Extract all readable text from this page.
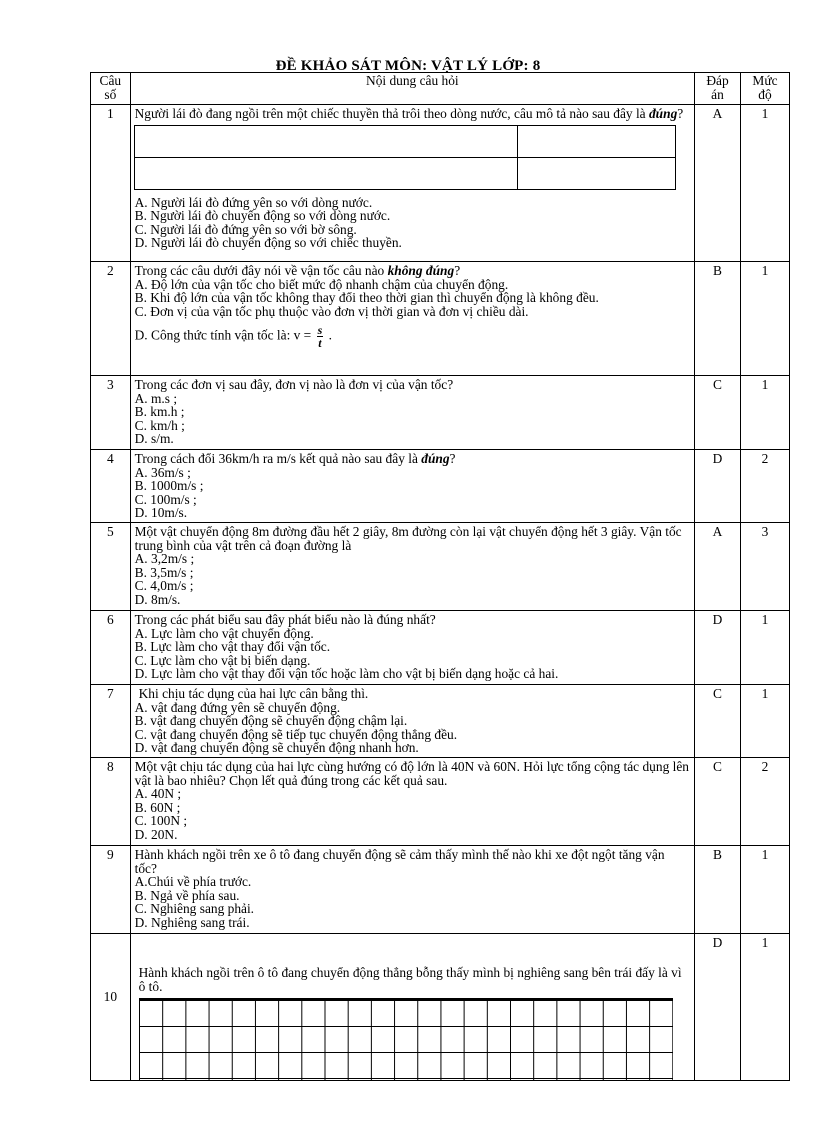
ĐỀ KHẢO SÁT MÔN: VẬT LÝ LỚP: 8
Câu số	Nội dung câu hỏi	Đáp án	Mức độ
1	Người lái đò đang ngồi trên một chiếc thuyền thả trôi theo dòng nước, câu mô tả nào sau đây là đúng?

A. Người lái đò đứng yên so với dòng nước.

B. Người lái đò chuyển động so với dòng nước.

C. Người lái đò đứng yên so với bờ sông.

D. Người lái đò chuyển động so với chiếc thuyền.

	A	1
2	Trong các câu dưới đây nói về vận tốc câu nào không đúng?

A. Độ lớn của vận tốc cho biết mức độ nhanh chậm của chuyển động.

B. Khi độ lớn của vận tốc không thay đổi theo thời gian thì chuyển động là không đều.

C. Đơn vị của vận tốc phụ thuộc vào đơn vị thời gian và đơn vị chiều dài.

D. Công thức tính vận tốc là: $v = \frac{s}{t}$ .

	B	1
3	Trong các đơn vị sau đây, đơn vị nào là đơn vị của vận tốc?

A. m.s ;

B. km.h ;

C. km/h ;

D. s/m.

	C	1
4	Trong cách đổi 36km/h ra m/s kết quả nào sau đây là đúng?

A. 36m/s ;

B. 1000m/s ;

C. 100m/s ;

D. 10m/s.

	D	2
5	Một vật chuyển động 8m đường đầu hết 2 giây, 8m đường còn lại vật chuyển động hết 3 giây. Vận tốc trung bình của vật trên cả đoạn đường là

A. 3,2m/s ;

B. 3,5m/s ;

C. 4,0m/s ;

D. 8m/s.

	A	3
6	Trong các phát biểu sau đây phát biểu nào là đúng nhất?

A. Lực làm cho vật chuyển động.

B. Lực làm cho vật thay đổi vận tốc.

C. Lực làm cho vật bị biến dạng.

D. Lực làm cho vật thay đổi vận tốc hoặc làm cho vật bị biến dạng hoặc cả hai.

	D	1
7	Khi chịu tác dụng của hai lực cân bằng thì.

A. vật đang đứng yên sẽ chuyển động.

B. vật đang chuyển động sẽ chuyển động chậm lại.

C. vật đang chuyển động sẽ tiếp tục chuyển động thẳng đều.

D. vật đang chuyển động sẽ chuyển động nhanh hơn.

	C	1
8	Một vật chịu tác dụng của hai lực cùng hướng có độ lớn là 40N và 60N. Hỏi lực tổng cộng tác dụng lên vật là bao nhiêu? Chọn lết quả đúng trong các kết quả sau.

A. 40N ;

B. 60N ;

C. 100N ;

D. 20N.

	C	2
9	Hành khách ngồi trên xe ô tô đang chuyển động sẽ cảm thấy mình thế nào khi xe đột ngột tăng vận tốc?

A.Chúi về phía trước.

B. Ngả về phía sau.

C. Nghiêng sang phải.

D. Nghiêng sang trái.

	B	1
10	

Hành khách ngồi trên ô tô đang chuyển động thẳng bỗng thấy mình bị nghiêng sang bên trái đấy là vì ô tô.

	D	1
